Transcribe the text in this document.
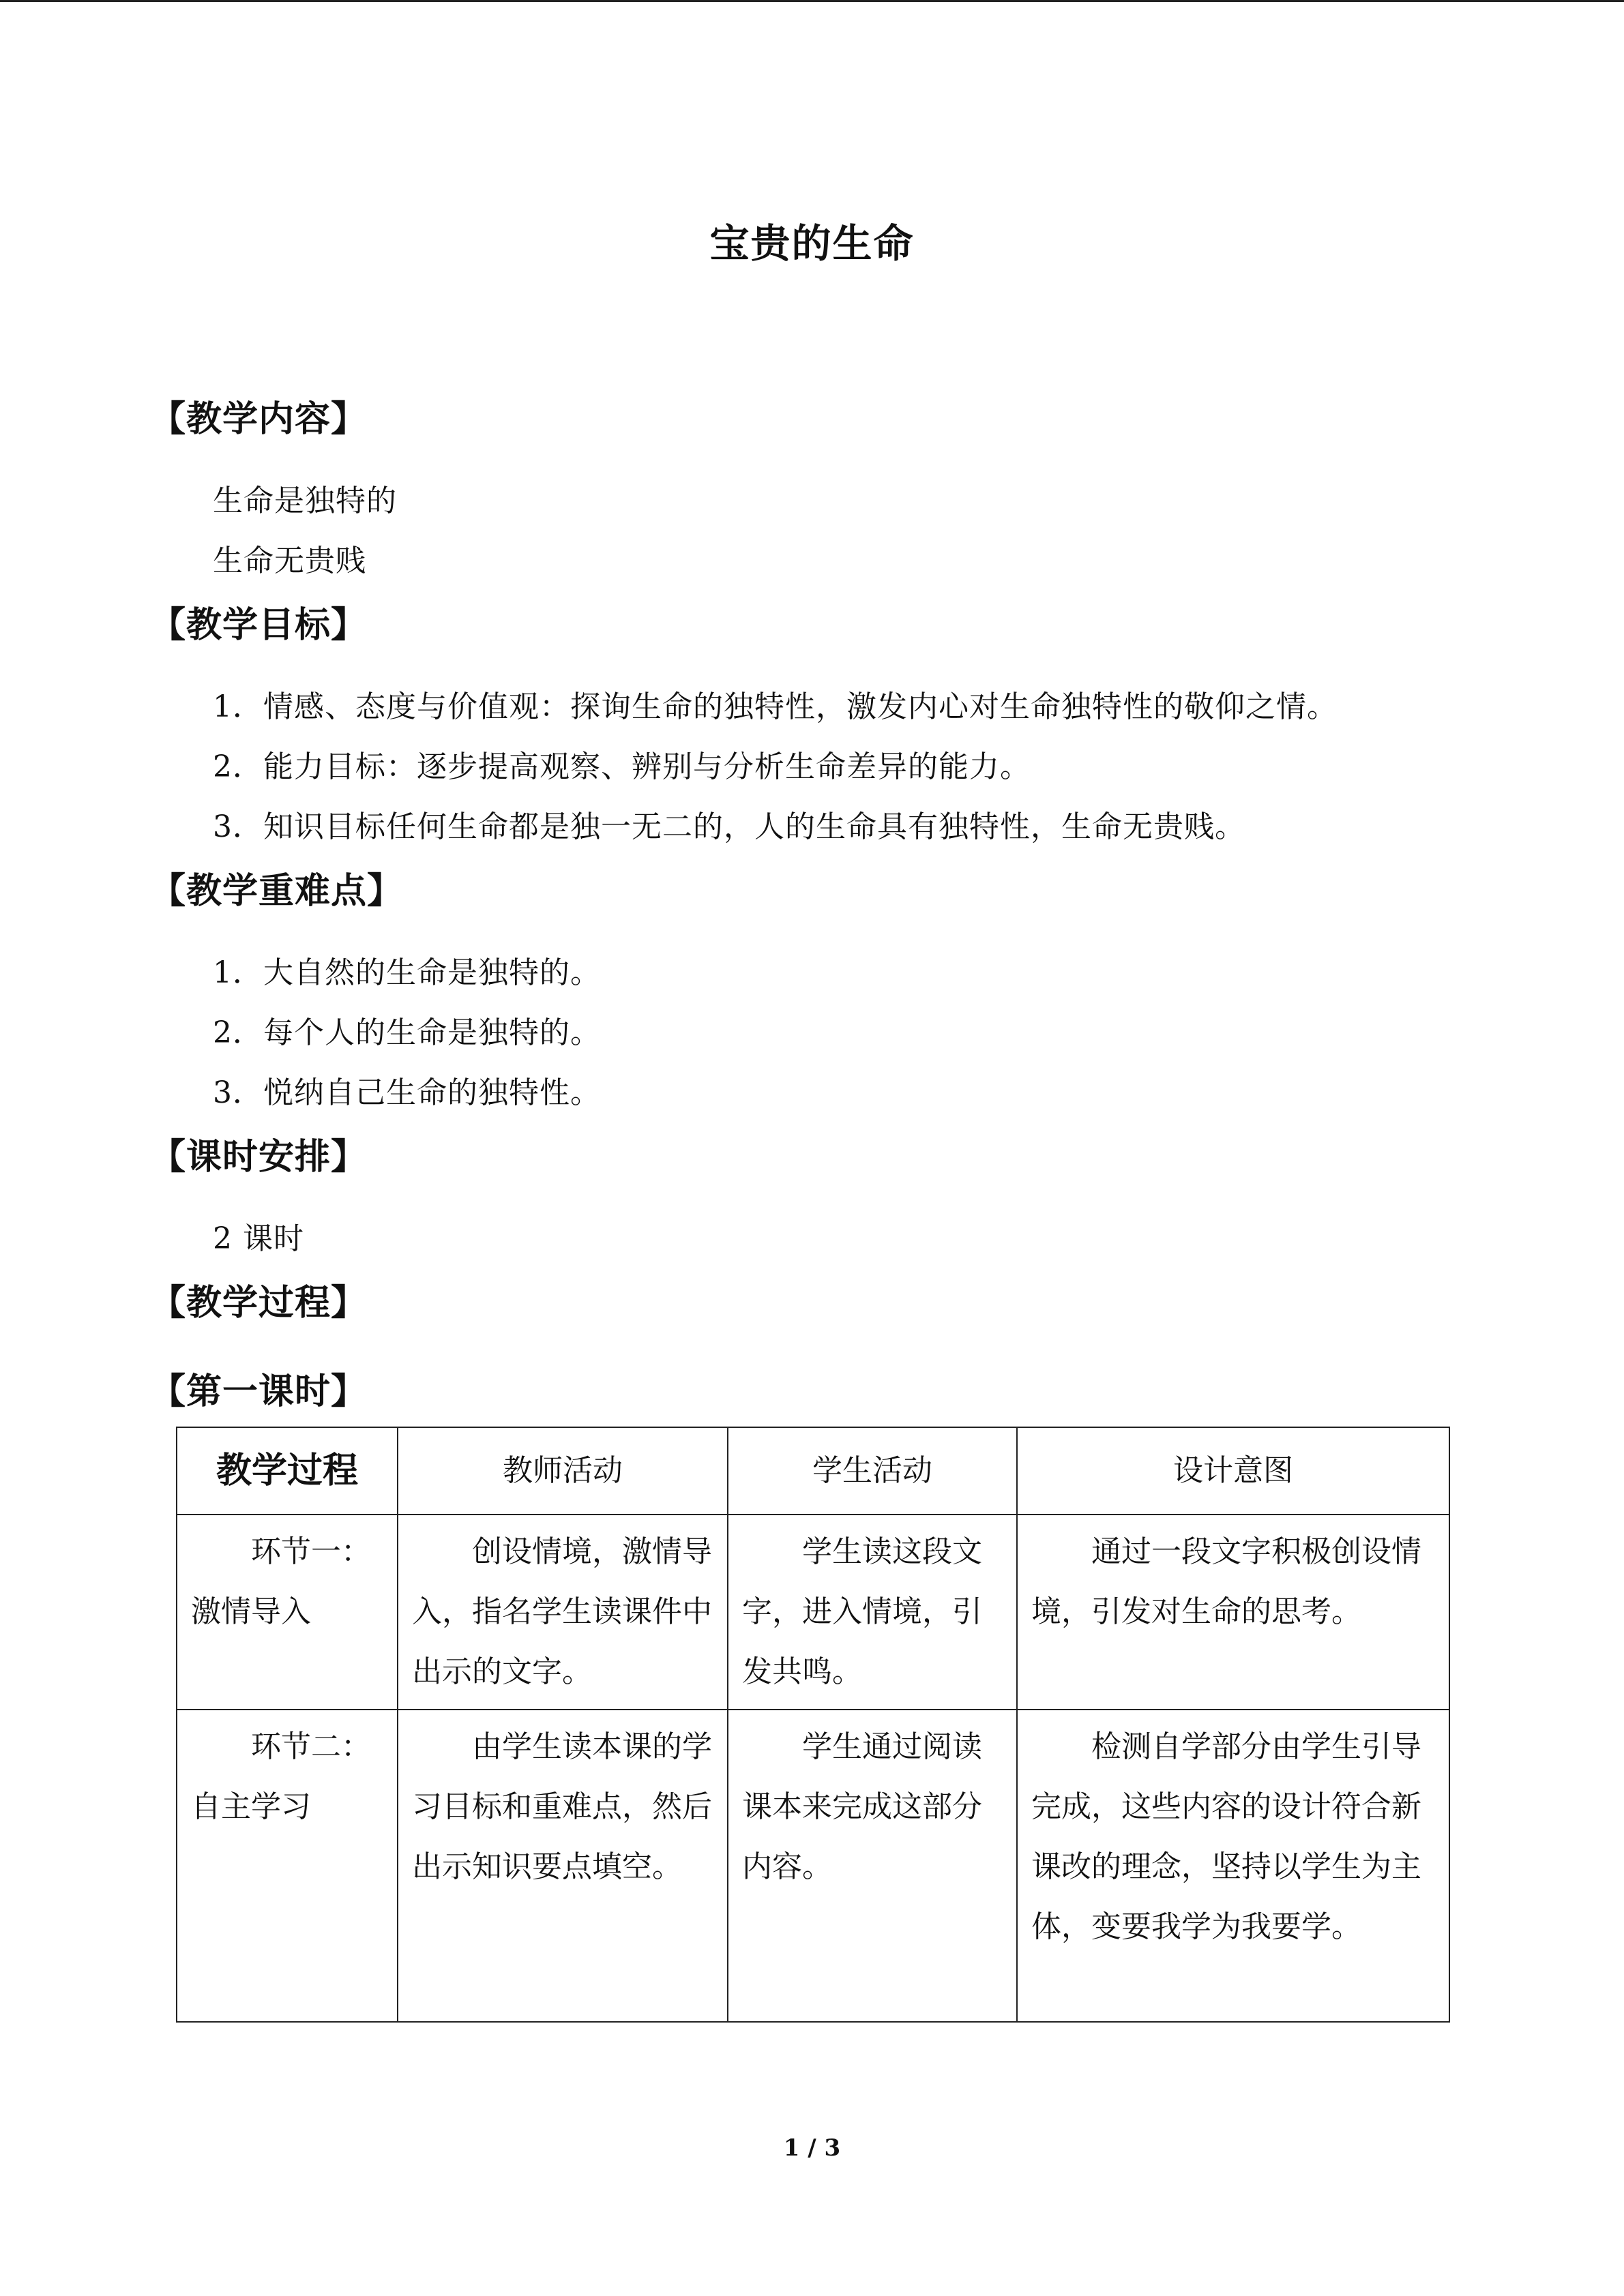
宝贵的生命
【教学内容】
生命是独特的
生命无贵贱
【教学目标】
1．情感、态度与价值观：探询生命的独特性，激发内心对生命独特性的敬仰之情。
2．能力目标：逐步提高观察、辨别与分析生命差异的能力。
3．知识目标任何生命都是独一无二的，人的生命具有独特性，生命无贵贱。
【教学重难点】
1．大自然的生命是独特的。
2．每个人的生命是独特的。
3．悦纳自己生命的独特性。
【课时安排】
2 课时
【教学过程】
【第一课时】
教学过程	教师活动	学生活动	设计意图

环节一：激情导入	创设情境，激情导入，指名学生读课件中出示的文字。	学生读这段文字，进入情境，引发共鸣。	通过一段文字积极创设情境，引发对生命的思考。

环节二：自主学习	由学生读本课的学习目标和重难点，然后出示知识要点填空。	学生通过阅读课本来完成这部分内容。	检测自学部分由学生引导完成，这些内容的设计符合新课改的理念，坚持以学生为主体，变要我学为我要学。
1 / 3
